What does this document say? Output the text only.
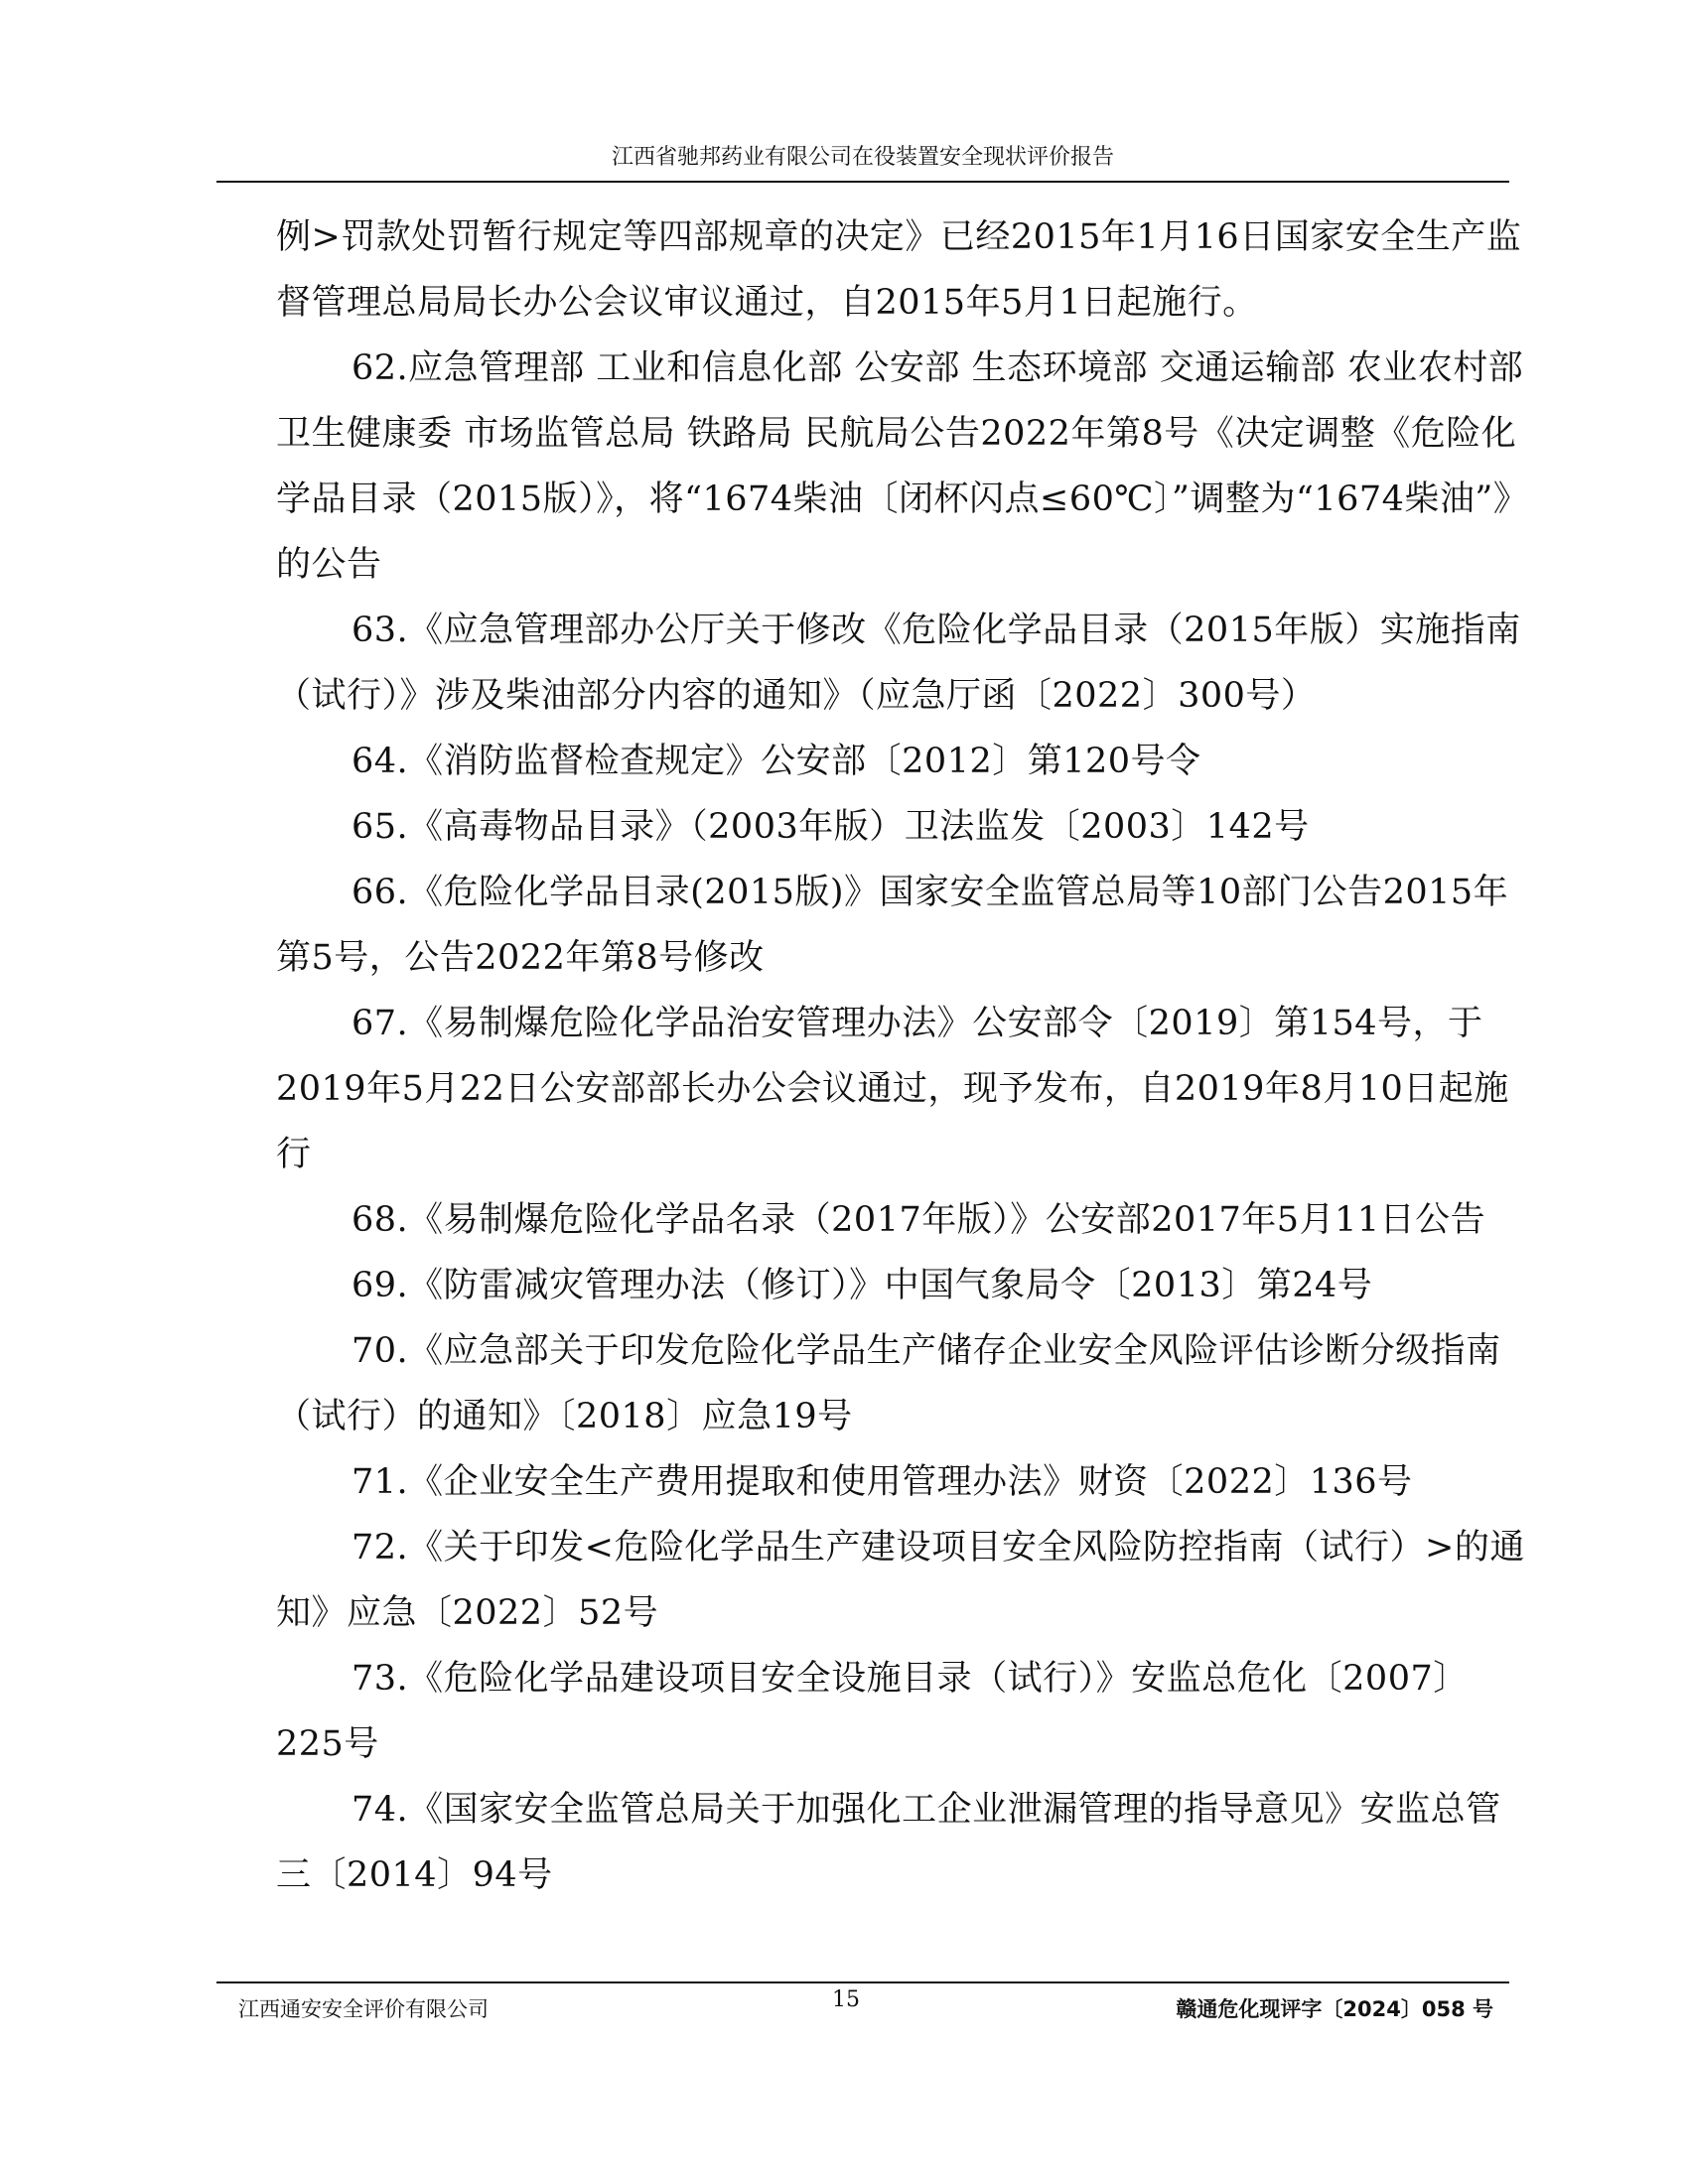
江西省驰邦药业有限公司在役装置安全现状评价报告

例>罚款处罚暂行规定等四部规章的决定》已经2015年1月16日国家安全生产监督管理总局局长办公会议审议通过，自2015年5月1日起施行。

62.应急管理部 工业和信息化部 公安部 生态环境部 交通运输部 农业农村部 卫生健康委 市场监管总局 铁路局 民航局公告2022年第8号《决定调整《危险化学品目录（2015版）》，将“1674柴油〔闭杯闪点≤60℃〕”调整为“1674柴油”》的公告

63.《应急管理部办公厅关于修改《危险化学品目录（2015年版）实施指南（试行）》涉及柴油部分内容的通知》（应急厅函〔2022〕300号）

64.《消防监督检查规定》公安部〔2012〕第120号令

65.《高毒物品目录》（2003年版）卫法监发〔2003〕142号

66.《危险化学品目录(2015版)》国家安全监管总局等10部门公告2015年第5号，公告2022年第8号修改

67.《易制爆危险化学品治安管理办法》公安部令〔2019〕第154号，于2019年5月22日公安部部长办公会议通过，现予发布，自2019年8月10日起施行

68.《易制爆危险化学品名录（2017年版）》公安部2017年5月11日公告

69.《防雷减灾管理办法（修订）》中国气象局令〔2013〕第24号

70.《应急部关于印发危险化学品生产储存企业安全风险评估诊断分级指南（试行）的通知》〔2018〕应急19号

71.《企业安全生产费用提取和使用管理办法》财资〔2022〕136号

72.《关于印发<危险化学品生产建设项目安全风险防控指南（试行）>的通知》应急〔2022〕52号

73.《危险化学品建设项目安全设施目录（试行）》安监总危化〔2007〕225号

74.《国家安全监管总局关于加强化工企业泄漏管理的指导意见》安监总管三〔2014〕94号

江西通安安全评价有限公司	15	赣通危化现评字〔2024〕058 号
